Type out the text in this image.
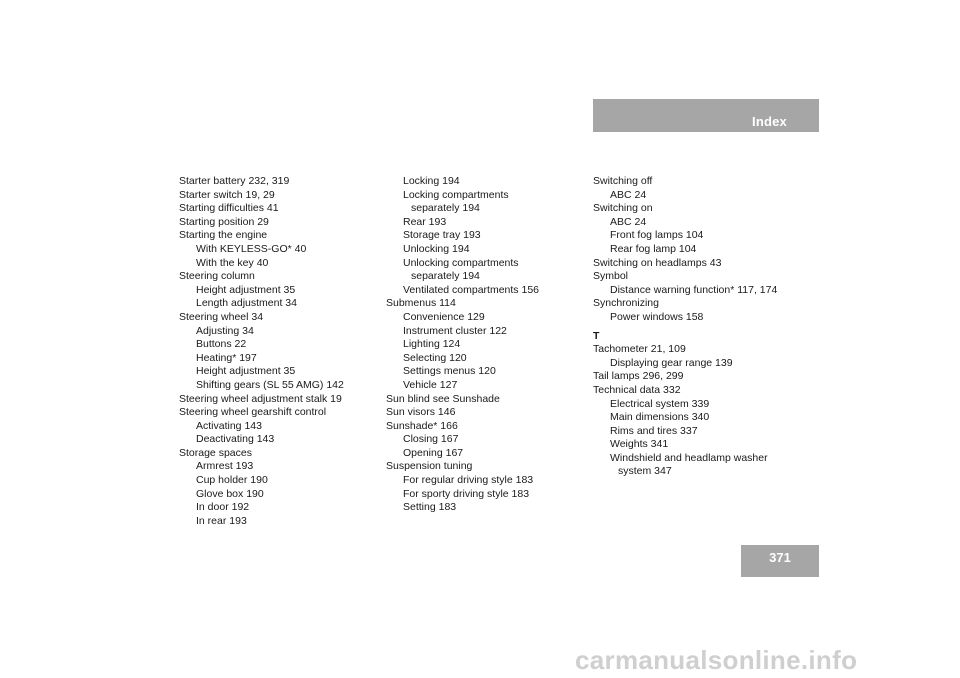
Index
Starter battery 232, 319
Starter switch 19, 29
Starting difficulties 41
Starting position 29
Starting the engine
With KEYLESS-GO* 40
With the key 40
Steering column
Height adjustment 35
Length adjustment 34
Steering wheel 34
Adjusting 34
Buttons 22
Heating* 197
Height adjustment 35
Shifting gears (SL 55 AMG) 142
Steering wheel adjustment stalk 19
Steering wheel gearshift control
Activating 143
Deactivating 143
Storage spaces
Armrest 193
Cup holder 190
Glove box 190
In door 192
In rear 193
Locking 194
Locking compartments
separately 194
Rear 193
Storage tray 193
Unlocking 194
Unlocking compartments
separately 194
Ventilated compartments 156
Submenus 114
Convenience 129
Instrument cluster 122
Lighting 124
Selecting 120
Settings menus 120
Vehicle 127
Sun blind see Sunshade
Sun visors 146
Sunshade* 166
Closing 167
Opening 167
Suspension tuning
For regular driving style 183
For sporty driving style 183
Setting 183
Switching off
ABC 24
Switching on
ABC 24
Front fog lamps 104
Rear fog lamp 104
Switching on headlamps 43
Symbol
Distance warning function* 117, 174
Synchronizing
Power windows 158
T
Tachometer 21, 109
Displaying gear range 139
Tail lamps 296, 299
Technical data 332
Electrical system 339
Main dimensions 340
Rims and tires 337
Weights 341
Windshield and headlamp washer
system 347
371
carmanualsonline.info
